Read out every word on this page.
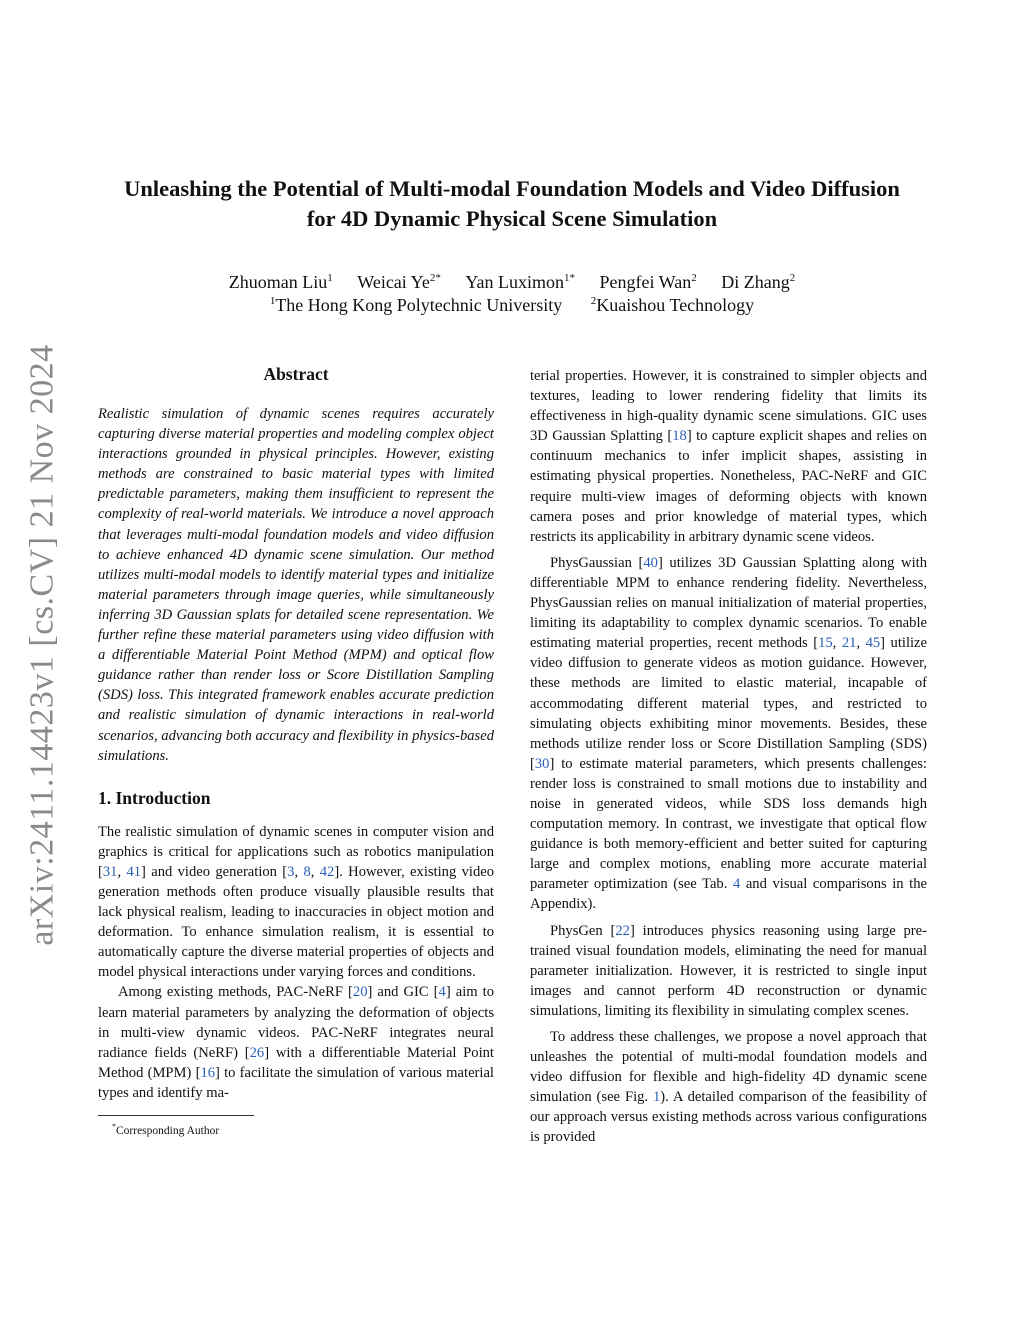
arXiv:2411.14423v1 [cs.CV] 21 Nov 2024
Unleashing the Potential of Multi-modal Foundation Models and Video Diffusion
for 4D Dynamic Physical Scene Simulation
Zhuoman Liu$^1$ Weicai $Ye^{2*}$ Yan Luximon$^{1*}$ Pengfei Wan$^2$ Di Zhang$^2$
$^1$The Hong Kong Polytechnic University	$^2$Kuaishou Technology
Abstract

Realistic simulation of dynamic scenes requires accurately capturing diverse material properties and modeling complex object interactions grounded in physical principles. However, existing methods are constrained to basic material types with limited predictable parameters, making them insufficient to represent the complexity of real-world materials. We introduce a novel approach that leverages multi-modal foundation models and video diffusion to achieve enhanced 4D dynamic scene simulation. Our method utilizes multi-modal models to identify material types and initialize material parameters through image queries, while simultaneously inferring 3D Gaussian splats for detailed scene representation. We further refine these material parameters using video diffusion with a differentiable Material Point Method (MPM) and optical flow guidance rather than render loss or Score Distillation Sampling (SDS) loss. This integrated framework enables accurate prediction and realistic simulation of dynamic interactions in real-world scenarios, advancing both accuracy and flexibility in physics-based simulations.

1. Introduction

The realistic simulation of dynamic scenes in computer vision and graphics is critical for applications such as robotics manipulation [31, 41] and video generation [3, 8, 42]. However, existing video generation methods often produce visually plausible results that lack physical realism, leading to inaccuracies in object motion and deformation. To enhance simulation realism, it is essential to automatically capture the diverse material properties of objects and model physical interactions under varying forces and conditions.

Among existing methods, PAC-NeRF [20] and GIC [4] aim to learn material parameters by analyzing the deformation of objects in multi-view dynamic videos. PAC-NeRF integrates neural radiance fields (NeRF) [26] with a differentiable Material Point Method (MPM) [16] to facilitate the simulation of various material types and identify ma-

*Corresponding Author

terial properties. However, it is constrained to simpler objects and textures, leading to lower rendering fidelity that limits its effectiveness in high-quality dynamic scene simulations. GIC uses 3D Gaussian Splatting [18] to capture explicit shapes and relies on continuum mechanics to infer implicit shapes, assisting in estimating physical properties. Nonetheless, PAC-NeRF and GIC require multi-view images of deforming objects with known camera poses and prior knowledge of material types, which restricts its applicability in arbitrary dynamic scene videos.

PhysGaussian [40] utilizes 3D Gaussian Splatting along with differentiable MPM to enhance rendering fidelity. Nevertheless, PhysGaussian relies on manual initialization of material properties, limiting its adaptability to complex dynamic scenarios. To enable estimating material properties, recent methods [15, 21, 45] utilize video diffusion to generate videos as motion guidance. However, these methods are limited to elastic material, incapable of accommodating different material types, and restricted to simulating objects exhibiting minor movements. Besides, these methods utilize render loss or Score Distillation Sampling (SDS) [30] to estimate material parameters, which presents challenges: render loss is constrained to small motions due to instability and noise in generated videos, while SDS loss demands high computation memory. In contrast, we investigate that optical flow guidance is both memory-efficient and better suited for capturing large and complex motions, enabling more accurate material parameter optimization (see Tab. 4 and visual comparisons in the Appendix).

PhysGen [22] introduces physics reasoning using large pre-trained visual foundation models, eliminating the need for manual parameter initialization. However, it is restricted to single input images and cannot perform 4D reconstruction or dynamic simulations, limiting its flexibility in simulating complex scenes.

To address these challenges, we propose a novel approach that unleashes the potential of multi-modal foundation models and video diffusion for flexible and high-fidelity 4D dynamic scene simulation (see Fig. 1). A detailed comparison of the feasibility of our approach versus existing methods across various configurations is provided
